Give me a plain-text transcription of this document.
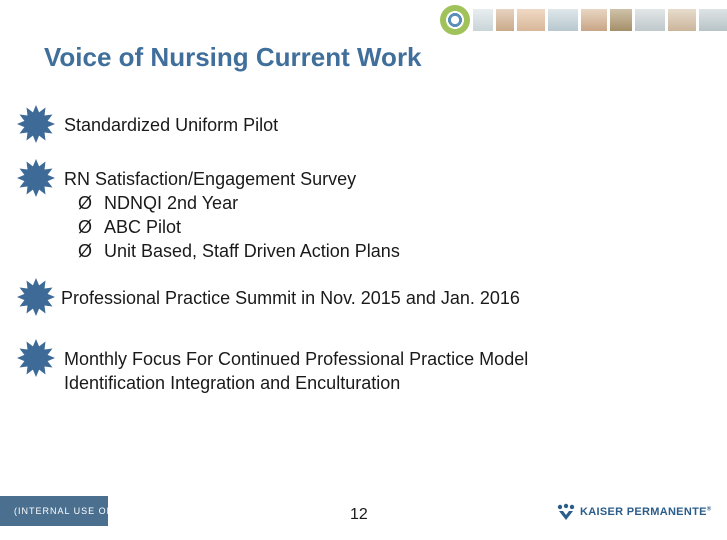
Voice of Nursing Current Work
Standardized Uniform Pilot
RN Satisfaction/Engagement Survey
Ø NDNQI 2nd Year
Ø ABC Pilot
Ø Unit Based, Staff Driven Action Plans
Professional Practice Summit in Nov. 2015 and Jan. 2016
Monthly Focus For Continued Professional Practice Model
Identification Integration and Enculturation
(INTERNAL USE ONLY)	12	KAISER PERMANENTE®
